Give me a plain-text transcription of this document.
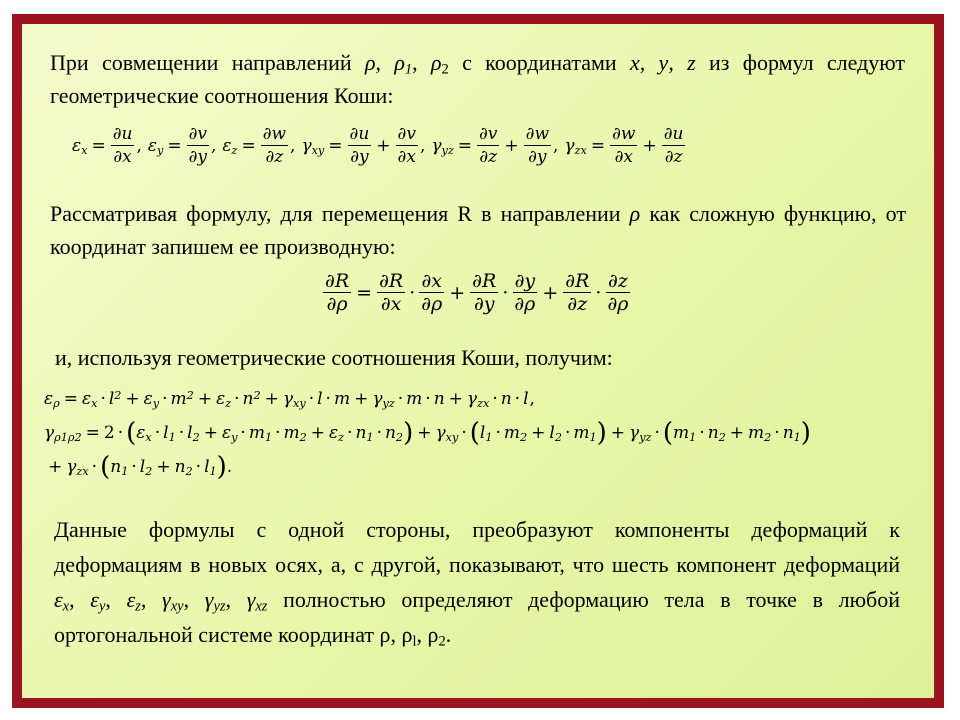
При совмещении направлений ρ, $\rho_1$, $\rho_2$ с координатами x, y, z из формул следуют геометрические соотношения Коши:

$\varepsilon_x = \frac{\partial u}{\partial x}$ , $\varepsilon_y = \frac{\partial v}{\partial y}$ , $\varepsilon_z = \frac{\partial w}{\partial z}$ , $\gamma_{xy} = \frac{\partial u}{\partial y} + \frac{\partial v}{\partial x}$ , $\gamma_{yz} = \frac{\partial v}{\partial z} + \frac{\partial w}{\partial y}$ , $\gamma_{zx} = \frac{\partial w}{\partial x} + \frac{\partial u}{\partial z}$

Рассматривая формулу, для перемещения R в направлении ρ как сложную функцию, от координат запишем ее производную:

$\frac{\partial R}{\partial\rho} = \frac{\partial R}{\partial x} \cdot \frac{\partial x}{\partial\rho} + \frac{\partial R}{\partial y} \cdot \frac{\partial y}{\partial\rho} + \frac{\partial R}{\partial z} \cdot \frac{\partial z}{\partial\rho}$

и, используя геометрические соотношения Коши, получим:

$\varepsilon_\rho = \varepsilon_x \cdot l^2 + \varepsilon_y \cdot m^2 + \varepsilon_z \cdot n^2 + \gamma_{xy} \cdot l \cdot m + \gamma_{yz} \cdot m \cdot n + \gamma_{zx} \cdot n \cdot l$ ,
$\gamma_{\rho 1\rho 2} = 2$ · ( $\varepsilon_x \cdot l_1 \cdot l_2 + \varepsilon_y \cdot m_1 \cdot m_2 + \varepsilon_z \cdot n_1 \cdot n_2$ ) + $\gamma_{xy}$ · ( $l_1 \cdot m_2 + l_2 \cdot m_1$ ) + $\gamma_{yz}$ · ( $m_1 \cdot n_2 + m_2 \cdot n_1$ )
+ $\gamma_{zx}$ · ( $n_1 \cdot l_2 + n_2 \cdot l_1$ ) .

Данные формулы с одной стороны, преобразуют компоненты деформаций к деформациям в новых осях, а, с другой, показывают, что шесть компонент деформаций $\varepsilon_x$, $\varepsilon_y$, $\varepsilon_z$, $\gamma_{xy}$, $\gamma_{yz}$, $\gamma_{xz}$ полностью определяют деформацию тела в точке в любой ортогональной системе координат ρ, $\rho_l$, $\rho_2$.
